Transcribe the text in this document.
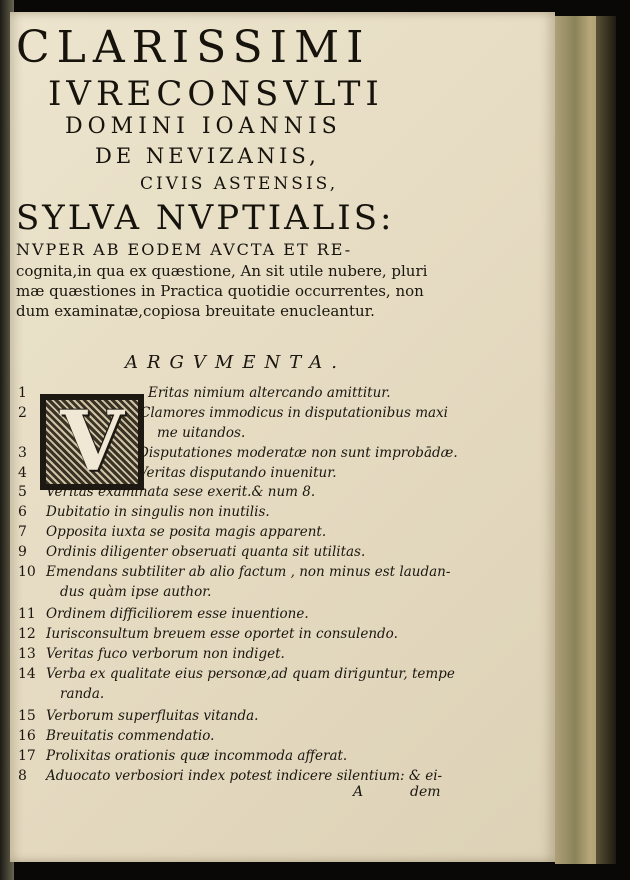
CLARISSIMI
IVRECONSVLTI
DOMINI IOANNIS
DE NEVIZANIS,
CIVIS ASTENSIS,
SYLVA NVPTIALIS:
NVPER AB EODEM AVCTA ET RE-
cognita,in qua ex quæstione, An sit utile nubere, pluri
mæ quæstiones in Practica quotidie occurrentes, non
dum examinatæ,copiosa breuitate enucleantur.
ARGVMENTA.
V
1	Eritas nimium altercando amittitur.
2	Clamores immodicus in disputationibus maxi
me uitandos.
3	Disputationes moderatæ non sunt improbādæ.
4	Veritas disputando inuenitur.
5 Veritas examinata sese exerit.& num 8.
6 Dubitatio in singulis non inutilis.
7 Opposita iuxta se posita magis apparent.
9 Ordinis diligenter obseruati quanta sit utilitas.
10 Emendans subtiliter ab alio factum , non minus est laudan-
dus quàm ipse author.
11 Ordinem difficiliorem esse inuentione.
12 Iurisconsultum breuem esse oportet in consulendo.
13 Veritas fuco verborum non indiget.
14 Verba ex qualitate eius personæ,ad quam diriguntur, tempe
randa.
15 Verborum superfluitas vitanda.
16 Breuitatis commendatio.
17 Prolixitas orationis quæ incommoda afferat.
8 Aduocato verbosiori index potest indicere silentium: & ei-
A	dem
